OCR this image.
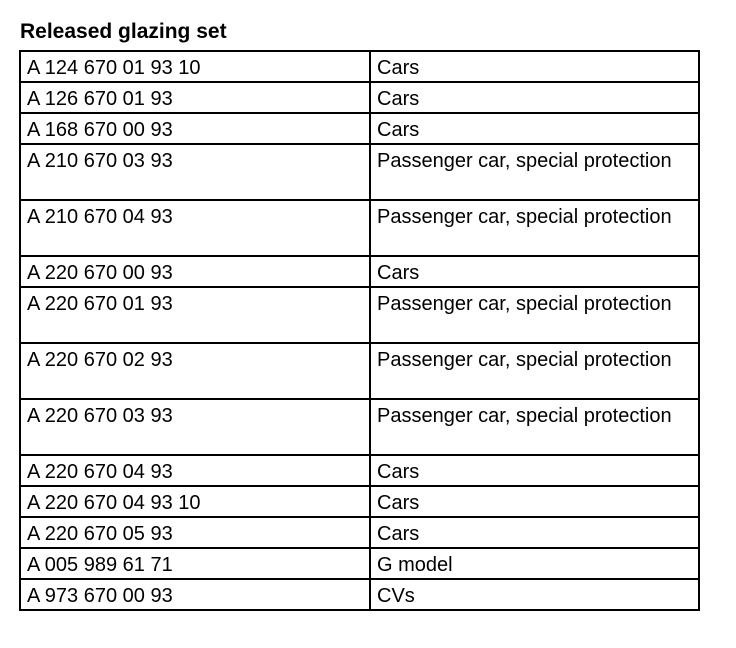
Released glazing set
A 124 670 01 93 10	Cars
A 126 670 01 93	Cars
A 168 670 00 93	Cars
A 210 670 03 93	Passenger car, special protection
A 210 670 04 93	Passenger car, special protection
A 220 670 00 93	Cars
A 220 670 01 93	Passenger car, special protection
A 220 670 02 93	Passenger car, special protection
A 220 670 03 93	Passenger car, special protection
A 220 670 04 93	Cars
A 220 670 04 93 10	Cars
A 220 670 05 93	Cars
A 005 989 61 71	G model
A 973 670 00 93	CVs
